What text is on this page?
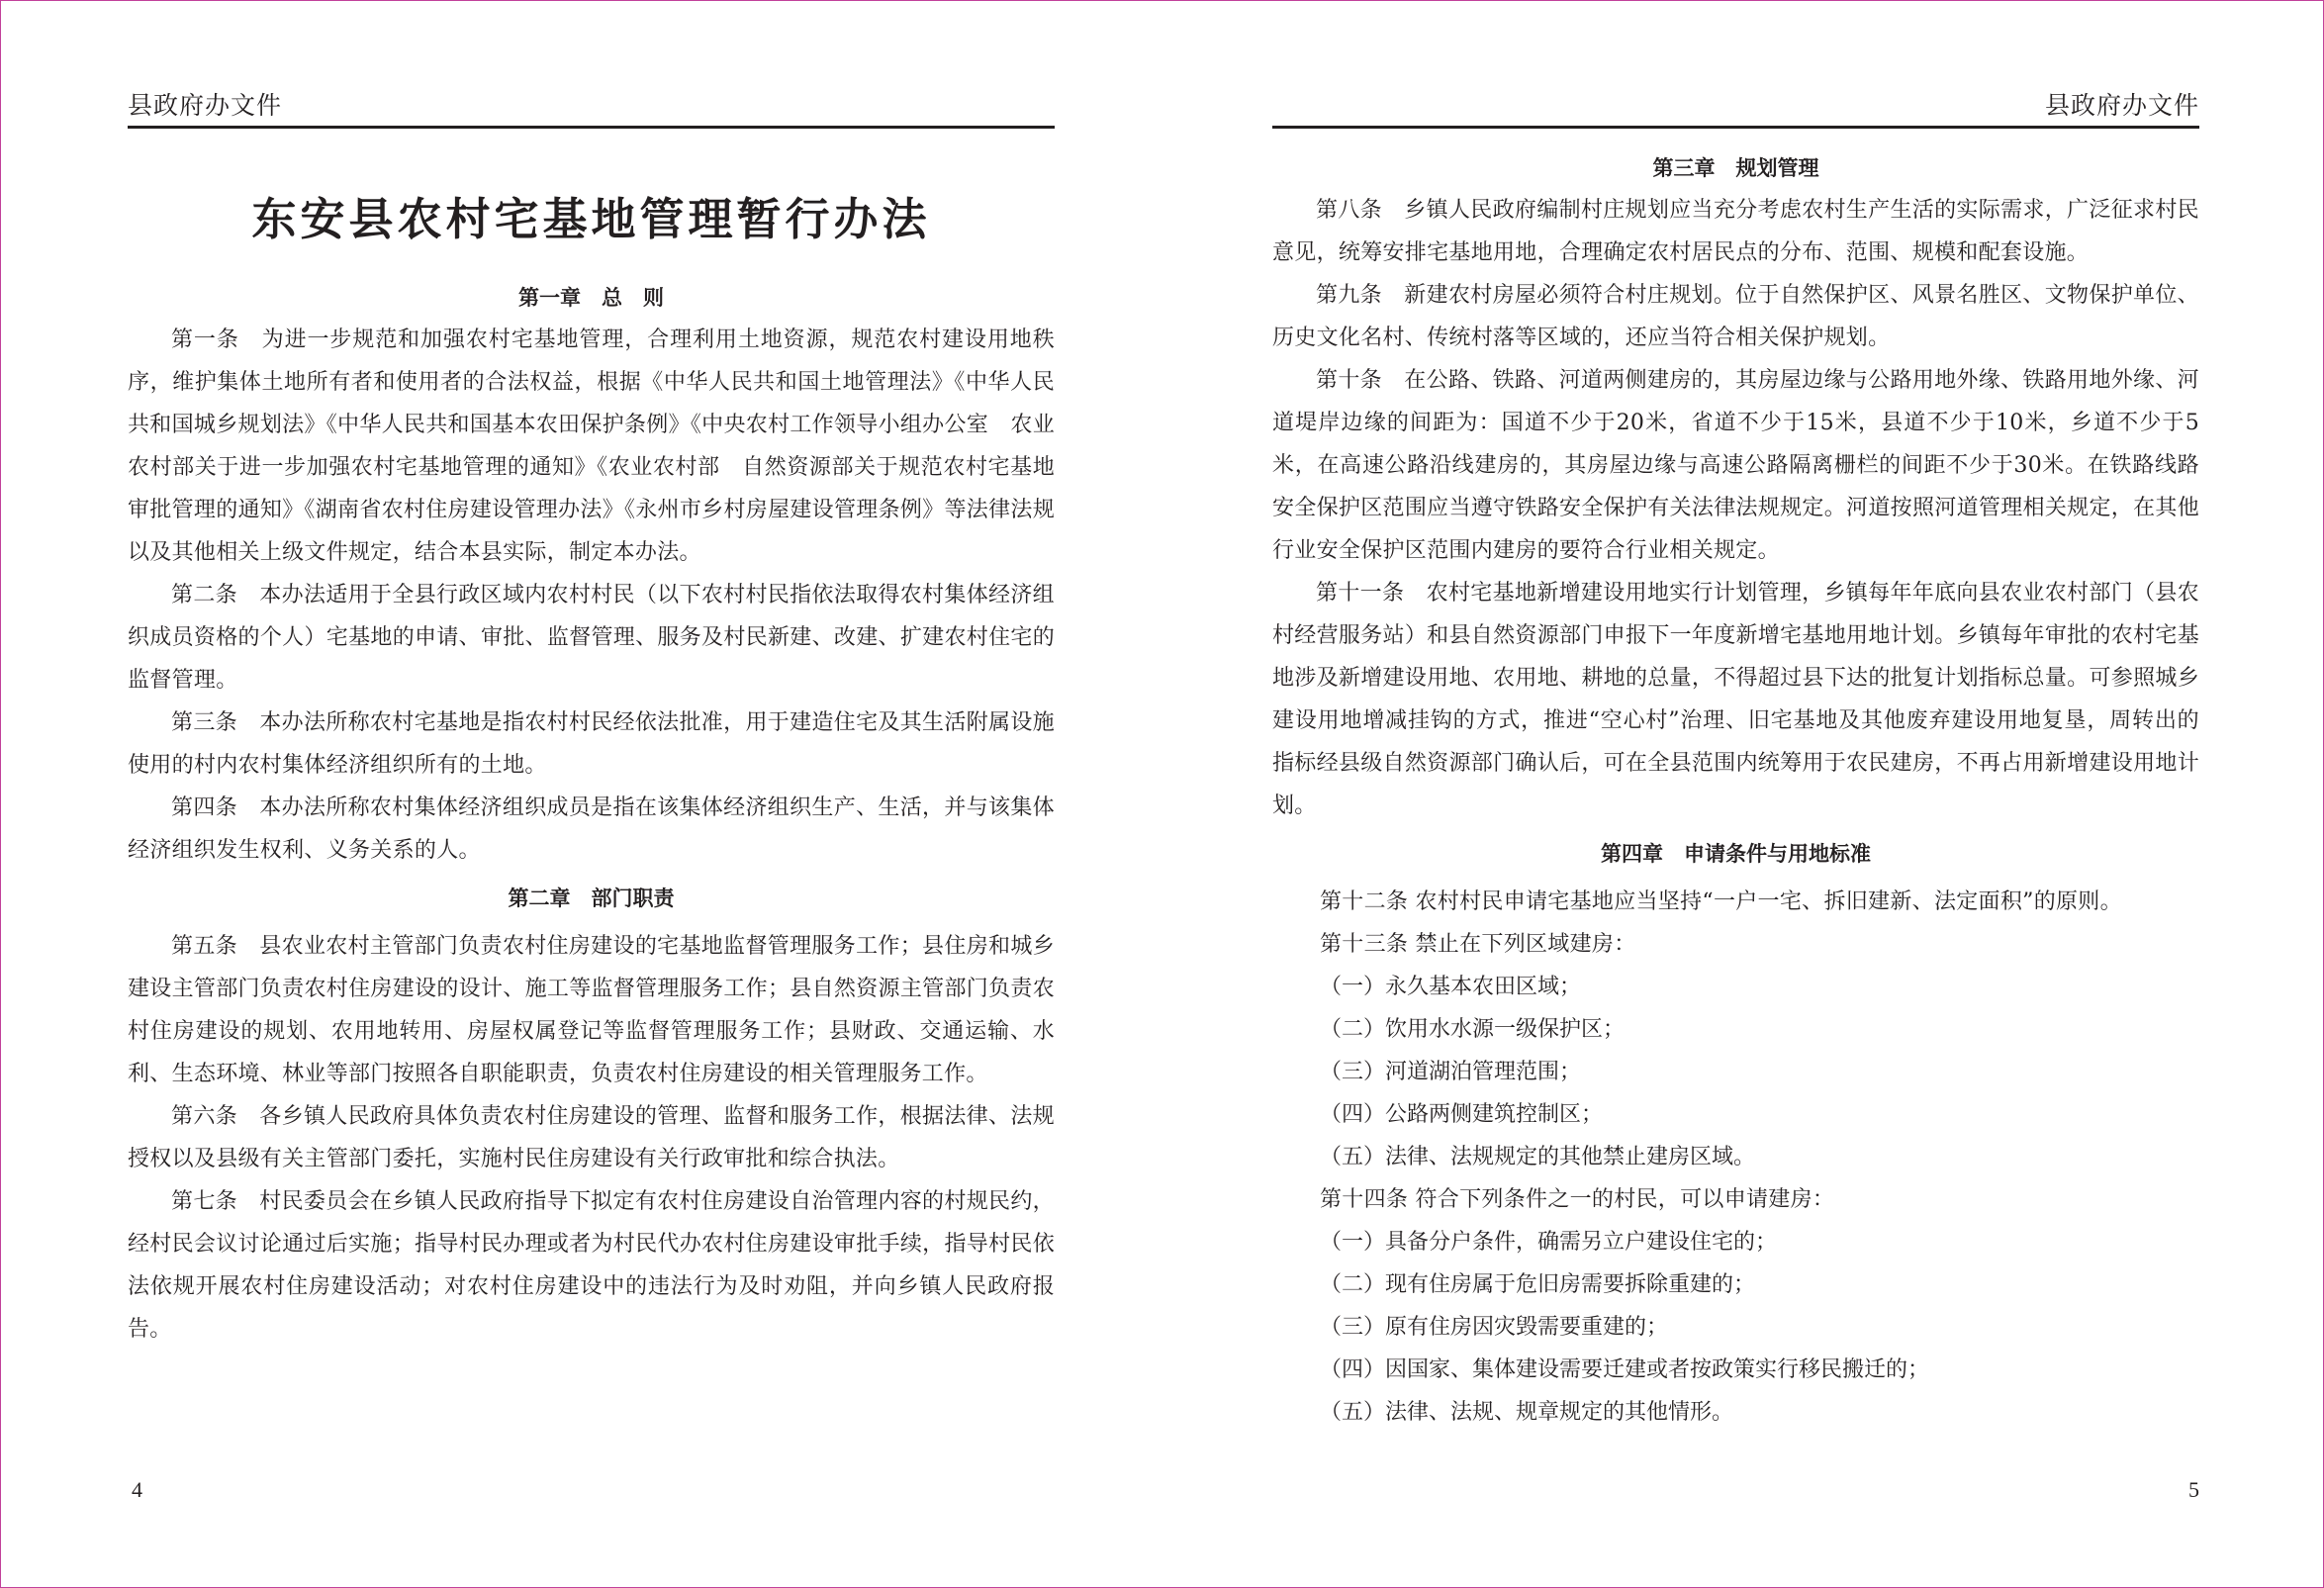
县政府办文件
东安县农村宅基地管理暂行办法

第一章　总　则

第一条　为进一步规范和加强农村宅基地管理，合理利用土地资源，规范农村建设用地秩序，维护集体土地所有者和使用者的合法权益，根据《中华人民共和国土地管理法》《中华人民共和国城乡规划法》《中华人民共和国基本农田保护条例》《中央农村工作领导小组办公室　农业农村部关于进一步加强农村宅基地管理的通知》《农业农村部　自然资源部关于规范农村宅基地审批管理的通知》《湖南省农村住房建设管理办法》《永州市乡村房屋建设管理条例》等法律法规以及其他相关上级文件规定，结合本县实际，制定本办法。

第二条　本办法适用于全县行政区域内农村村民（以下农村村民指依法取得农村集体经济组织成员资格的个人）宅基地的申请、审批、监督管理、服务及村民新建、改建、扩建农村住宅的监督管理。

第三条　本办法所称农村宅基地是指农村村民经依法批准，用于建造住宅及其生活附属设施使用的村内农村集体经济组织所有的土地。

第四条　本办法所称农村集体经济组织成员是指在该集体经济组织生产、生活，并与该集体经济组织发生权利、义务关系的人。

第二章　部门职责

第五条　县农业农村主管部门负责农村住房建设的宅基地监督管理服务工作；县住房和城乡建设主管部门负责农村住房建设的设计、施工等监督管理服务工作；县自然资源主管部门负责农村住房建设的规划、农用地转用、房屋权属登记等监督管理服务工作；县财政、交通运输、水利、生态环境、林业等部门按照各自职能职责，负责农村住房建设的相关管理服务工作。

第六条　各乡镇人民政府具体负责农村住房建设的管理、监督和服务工作，根据法律、法规授权以及县级有关主管部门委托，实施村民住房建设有关行政审批和综合执法。

第七条　村民委员会在乡镇人民政府指导下拟定有农村住房建设自治管理内容的村规民约，经村民会议讨论通过后实施；指导村民办理或者为村民代办农村住房建设审批手续，指导村民依法依规开展农村住房建设活动；对农村住房建设中的违法行为及时劝阻，并向乡镇人民政府报告。

4
县政府办文件

第三章　规划管理

第八条　乡镇人民政府编制村庄规划应当充分考虑农村生产生活的实际需求，广泛征求村民意见，统筹安排宅基地用地，合理确定农村居民点的分布、范围、规模和配套设施。

第九条　新建农村房屋必须符合村庄规划。位于自然保护区、风景名胜区、文物保护单位、历史文化名村、传统村落等区域的，还应当符合相关保护规划。

第十条　在公路、铁路、河道两侧建房的，其房屋边缘与公路用地外缘、铁路用地外缘、河道堤岸边缘的间距为：国道不少于20米，省道不少于15米，县道不少于10米，乡道不少于5米，在高速公路沿线建房的，其房屋边缘与高速公路隔离栅栏的间距不少于30米。在铁路线路安全保护区范围应当遵守铁路安全保护有关法律法规规定。河道按照河道管理相关规定，在其他行业安全保护区范围内建房的要符合行业相关规定。

第十一条　农村宅基地新增建设用地实行计划管理，乡镇每年年底向县农业农村部门（县农村经营服务站）和县自然资源部门申报下一年度新增宅基地用地计划。乡镇每年审批的农村宅基地涉及新增建设用地、农用地、耕地的总量，不得超过县下达的批复计划指标总量。可参照城乡建设用地增减挂钩的方式，推进“空心村”治理、旧宅基地及其他废弃建设用地复垦，周转出的指标经县级自然资源部门确认后，可在全县范围内统筹用于农民建房，不再占用新增建设用地计划。

第四章　申请条件与用地标准

第十二条 农村村民申请宅基地应当坚持“一户一宅、拆旧建新、法定面积”的原则。

第十三条 禁止在下列区域建房：

（一）永久基本农田区域；

（二）饮用水水源一级保护区；

（三）河道湖泊管理范围；

（四）公路两侧建筑控制区；

（五）法律、法规规定的其他禁止建房区域。

第十四条 符合下列条件之一的村民，可以申请建房：

（一）具备分户条件，确需另立户建设住宅的；

（二）现有住房属于危旧房需要拆除重建的；

（三）原有住房因灾毁需要重建的；

（四）因国家、集体建设需要迁建或者按政策实行移民搬迁的；

（五）法律、法规、规章规定的其他情形。

5
